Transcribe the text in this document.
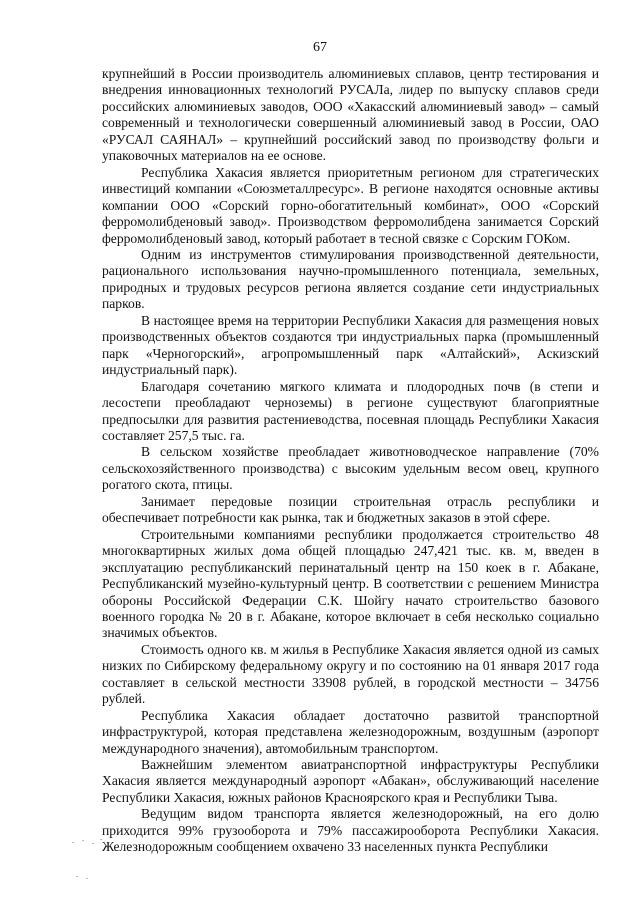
67

крупнейший в России производитель алюминиевых сплавов, центр тестирования и внедрения инновационных технологий РУСАЛа, лидер по выпуску сплавов среди российских алюминиевых заводов, ООО «Хакасский алюминиевый завод» – самый современный и технологически совершенный алюминиевый завод в России, ОАО «РУСАЛ САЯНАЛ» – крупнейший российский завод по производству фольги и упаковочных материалов на ее основе.

Республика Хакасия является приоритетным регионом для стратегических инвестиций компании «Союзметаллресурс». В регионе находятся основные активы компании ООО «Сорский горно-обогатительный комбинат», ООО «Сорский ферромолибденовый завод». Производством ферромолибдена занимается Сорский ферромолибденовый завод, который работает в тесной связке с Сорским ГОКом.

Одним из инструментов стимулирования производственной деятельности, рационального использования научно-промышленного потенциала, земельных, природных и трудовых ресурсов региона является создание сети индустриальных парков.

В настоящее время на территории Республики Хакасия для размещения новых производственных объектов создаются три индустриальных парка (промышленный парк «Черногорский», агропромышленный парк «Алтайский», Аскизский индустриальный парк).

Благодаря сочетанию мягкого климата и плодородных почв (в степи и лесостепи преобладают черноземы) в регионе существуют благоприятные предпосылки для развития растениеводства, посевная площадь Республики Хакасия составляет 257,5 тыс. га.

В сельском хозяйстве преобладает животноводческое направление (70% сельскохозяйственного производства) с высоким удельным весом овец, крупного рогатого скота, птицы.

Занимает передовые позиции строительная отрасль республики и обеспечивает потребности как рынка, так и бюджетных заказов в этой сфере.

Строительными компаниями республики продолжается строительство 48 многоквартирных жилых дома общей площадью 247,421 тыс. кв. м, введен в эксплуатацию республиканский перинатальный центр на 150 коек в г. Абакане, Республиканский музейно-культурный центр. В соответствии с решением Министра обороны Российской Федерации С.К. Шойгу начато строительство базового военного городка № 20 в г. Абакане, которое включает в себя несколько социально значимых объектов.

Стоимость одного кв. м жилья в Республике Хакасия является одной из самых низких по Сибирскому федеральному округу и по состоянию на 01 января 2017 года составляет в сельской местности 33908 рублей, в городской местности – 34756 рублей.

Республика Хакасия обладает достаточно развитой транспортной инфраструктурой, которая представлена железнодорожным, воздушным (аэропорт международного значения), автомобильным транспортом.

Важнейшим элементом авиатранспортной инфраструктуры Республики Хакасия является международный аэропорт «Абакан», обслуживающий население Республики Хакасия, южных районов Красноярского края и Республики Тыва.

Ведущим видом транспорта является железнодорожный, на его долю приходится 99% грузооборота и 79% пассажирооборота Республики Хакасия. Железнодорожным сообщением охвачено 33 населенных пункта Республики
